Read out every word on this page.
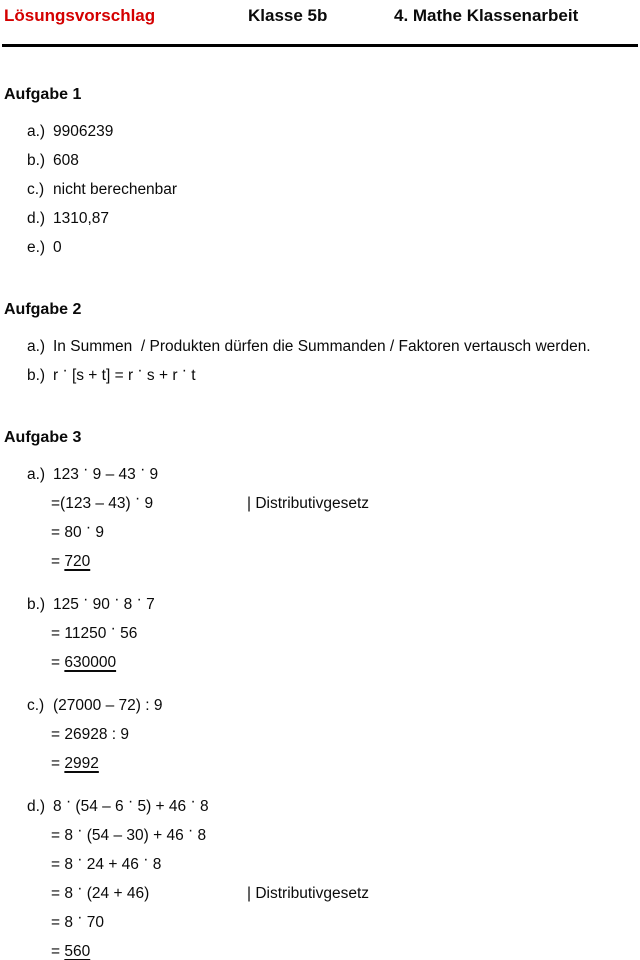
Lösungsvorschlag

	Klasse 5b

	4. Mathe Klassenarbeit

Aufgabe 1
a.) 9906239
b.) 608
c.) nicht berechenbar
d.) 1310,87
e.) 0
Aufgabe 2
a.) In Summen  / Produkten dürfen die Summanden / Faktoren vertausch werden.
b.) r · [s + t] = r · s + r · t
Aufgabe 3
a.) 123 · 9 – 43 · 9
=(123 – 43) · 9	| Distributivgesetz
= 80 · 9
= 720
b.) 125 · 90 · 8 · 7
= 11250 · 56
= 630000
c.) (27000 – 72) : 9
= 26928 : 9
= 2992
d.) 8 · (54 – 6 · 5) + 46 · 8
= 8 · (54 – 30) + 46 · 8
= 8 · 24 + 46 · 8
= 8 · (24 + 46)	| Distributivgesetz
= 8 · 70
= 560
